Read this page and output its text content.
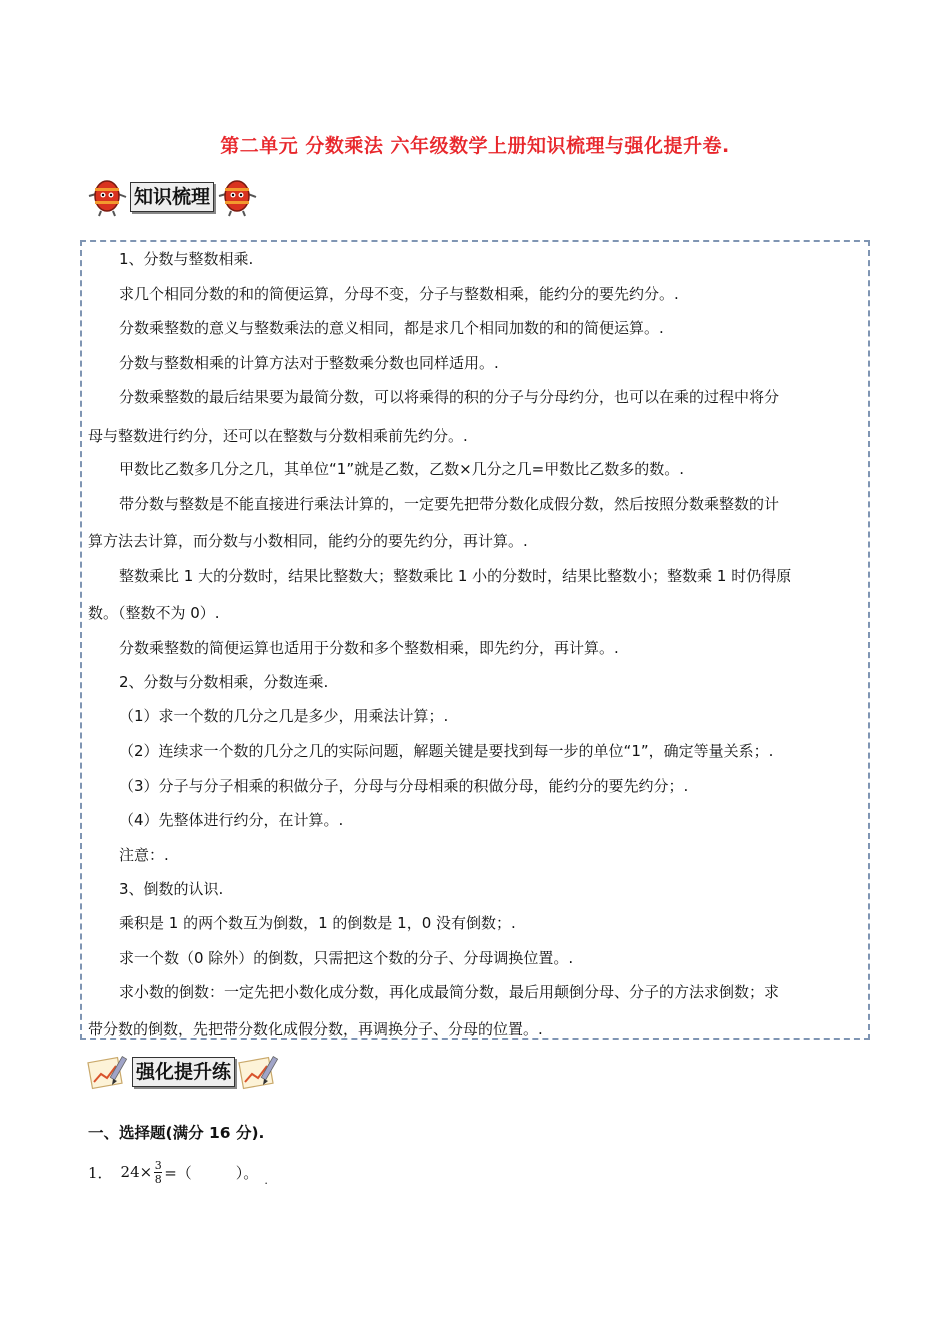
第二单元 分数乘法 六年级数学上册知识梳理与强化提升卷.
知识梳理
1、分数与整数相乘.
求几个相同分数的和的简便运算，分母不变，分子与整数相乘，能约分的要先约分。.
分数乘整数的意义与整数乘法的意义相同，都是求几个相同加数的和的简便运算。.
分数与整数相乘的计算方法对于整数乘分数也同样适用。.
分数乘整数的最后结果要为最简分数，可以将乘得的积的分子与分母约分，也可以在乘的过程中将分
母与整数进行约分，还可以在整数与分数相乘前先约分。.
甲数比乙数多几分之几，其单位“1”就是乙数，乙数×几分之几=甲数比乙数多的数。.
带分数与整数是不能直接进行乘法计算的，一定要先把带分数化成假分数，然后按照分数乘整数的计
算方法去计算，而分数与小数相同，能约分的要先约分，再计算。.
整数乘比 1 大的分数时，结果比整数大；整数乘比 1 小的分数时，结果比整数小；整数乘 1 时仍得原
数。（整数不为 0）.
分数乘整数的简便运算也适用于分数和多个整数相乘，即先约分，再计算。.
2、分数与分数相乘，分数连乘.
（1）求一个数的几分之几是多少，用乘法计算；.
（2）连续求一个数的几分之几的实际问题，解题关键是要找到每一步的单位“1”，确定等量关系；.
（3）分子与分子相乘的积做分子，分母与分母相乘的积做分母，能约分的要先约分；.
（4）先整体进行约分，在计算。.
注意：.
3、倒数的认识.
乘积是 1 的两个数互为倒数，1 的倒数是 1，0 没有倒数；.
求一个数（0 除外）的倒数，只需把这个数的分子、分母调换位置。.
求小数的倒数：一定先把小数化成分数，再化成最简分数，最后用颠倒分母、分子的方法求倒数；求
带分数的倒数，先把带分数化成假分数，再调换分子、分母的位置。.
强化提升练
一、选择题(满分 16 分).
1． $24 \times \frac{3}{8}$ =（	）。 .
